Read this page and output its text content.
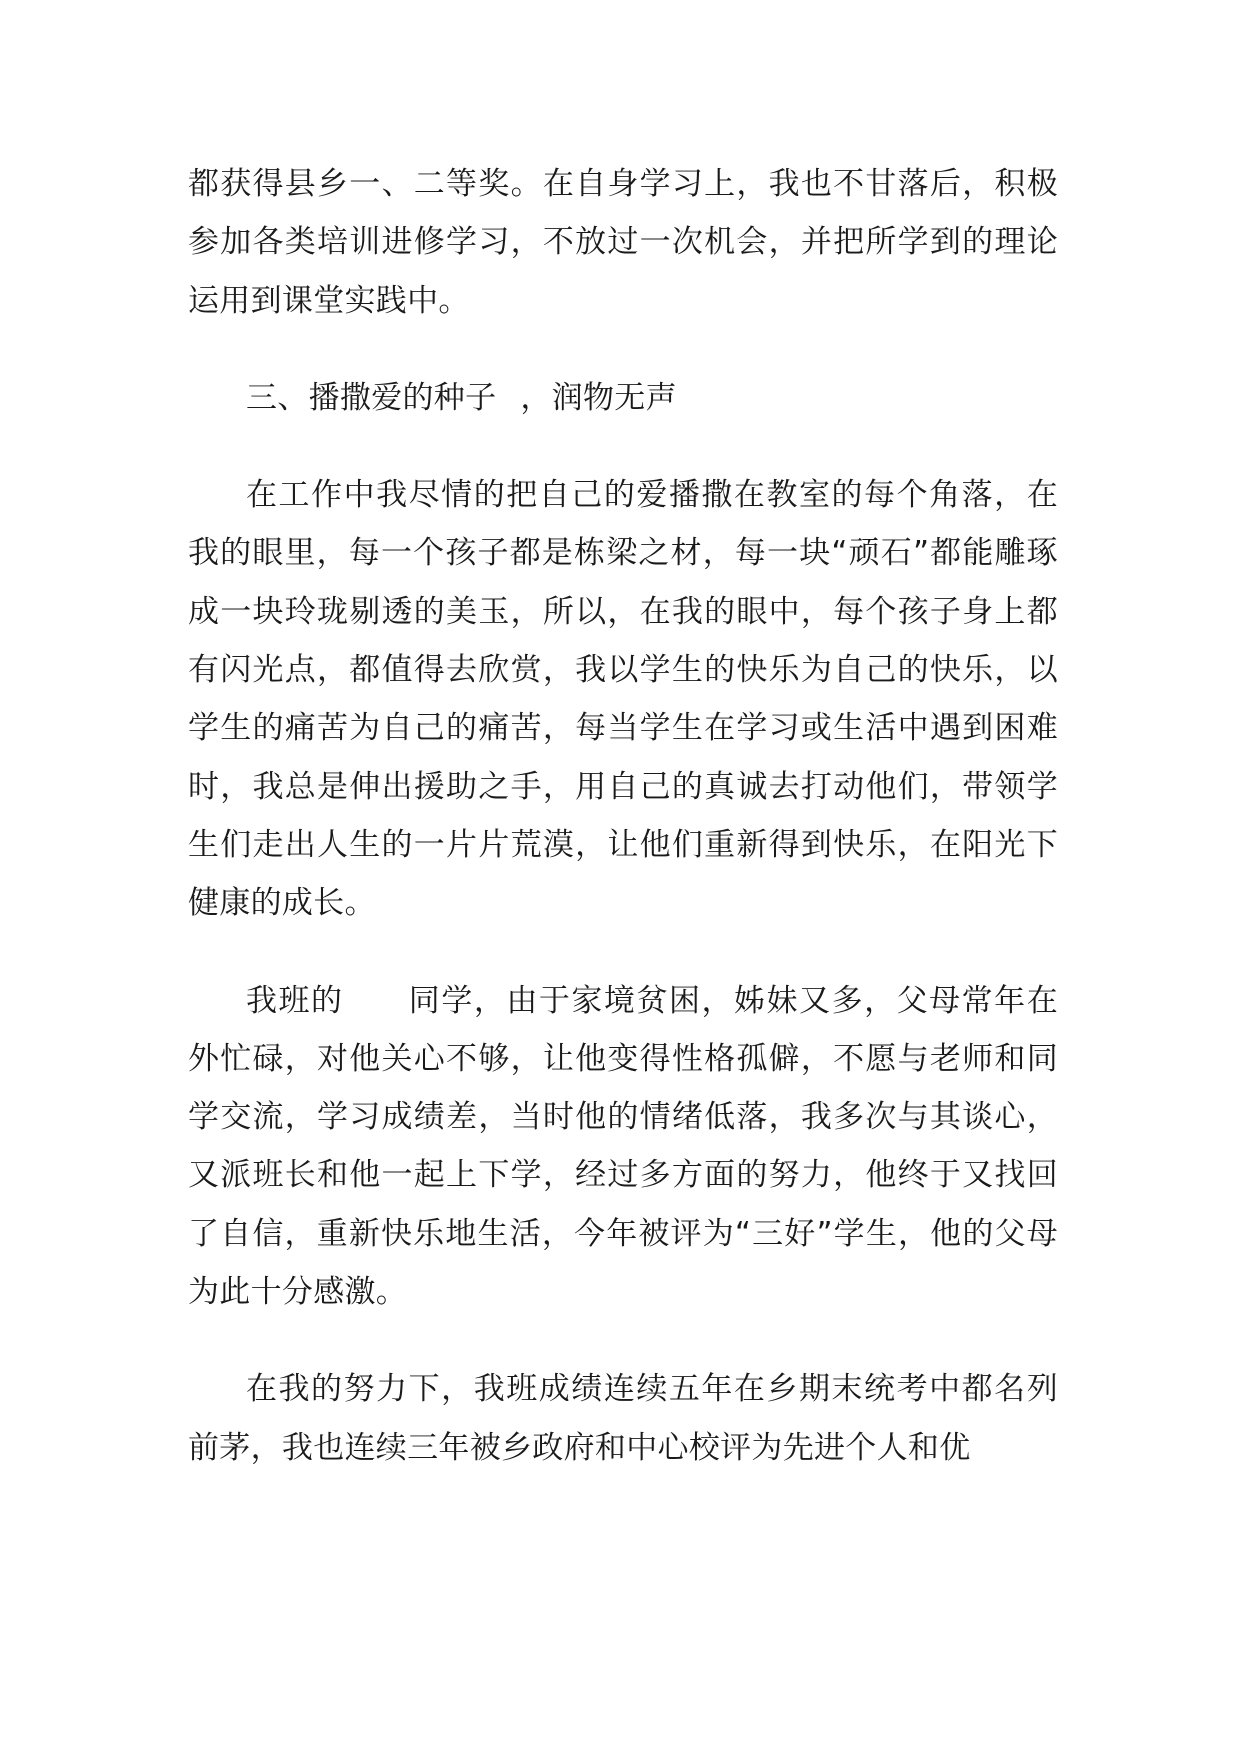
都获得县乡一、二等奖。在自身学习上，我也不甘落后，积极参加各类培训进修学习，不放过一次机会，并把所学到的理论运用到课堂实践中。

三、播撒爱的种子 ，润物无声

在工作中我尽情的把自己的爱播撒在教室的每个角落，在我的眼里，每一个孩子都是栋梁之材，每一块“顽石”都能雕琢成一块玲珑剔透的美玉，所以，在我的眼中，每个孩子身上都有闪光点，都值得去欣赏，我以学生的快乐为自己的快乐，以学生的痛苦为自己的痛苦，每当学生在学习或生活中遇到困难时，我总是伸出援助之手，用自己的真诚去打动他们，带领学生们走出人生的一片片荒漠，让他们重新得到快乐，在阳光下健康的成长。

我班的 同学，由于家境贫困，姊妹又多，父母常年在外忙碌，对他关心不够，让他变得性格孤僻，不愿与老师和同学交流，学习成绩差，当时他的情绪低落，我多次与其谈心，又派班长和他一起上下学，经过多方面的努力，他终于又找回了自信，重新快乐地生活，今年被评为“三好”学生，他的父母为此十分感激。

在我的努力下，我班成绩连续五年在乡期末统考中都名列前茅，我也连续三年被乡政府和中心校评为先进个人和优
